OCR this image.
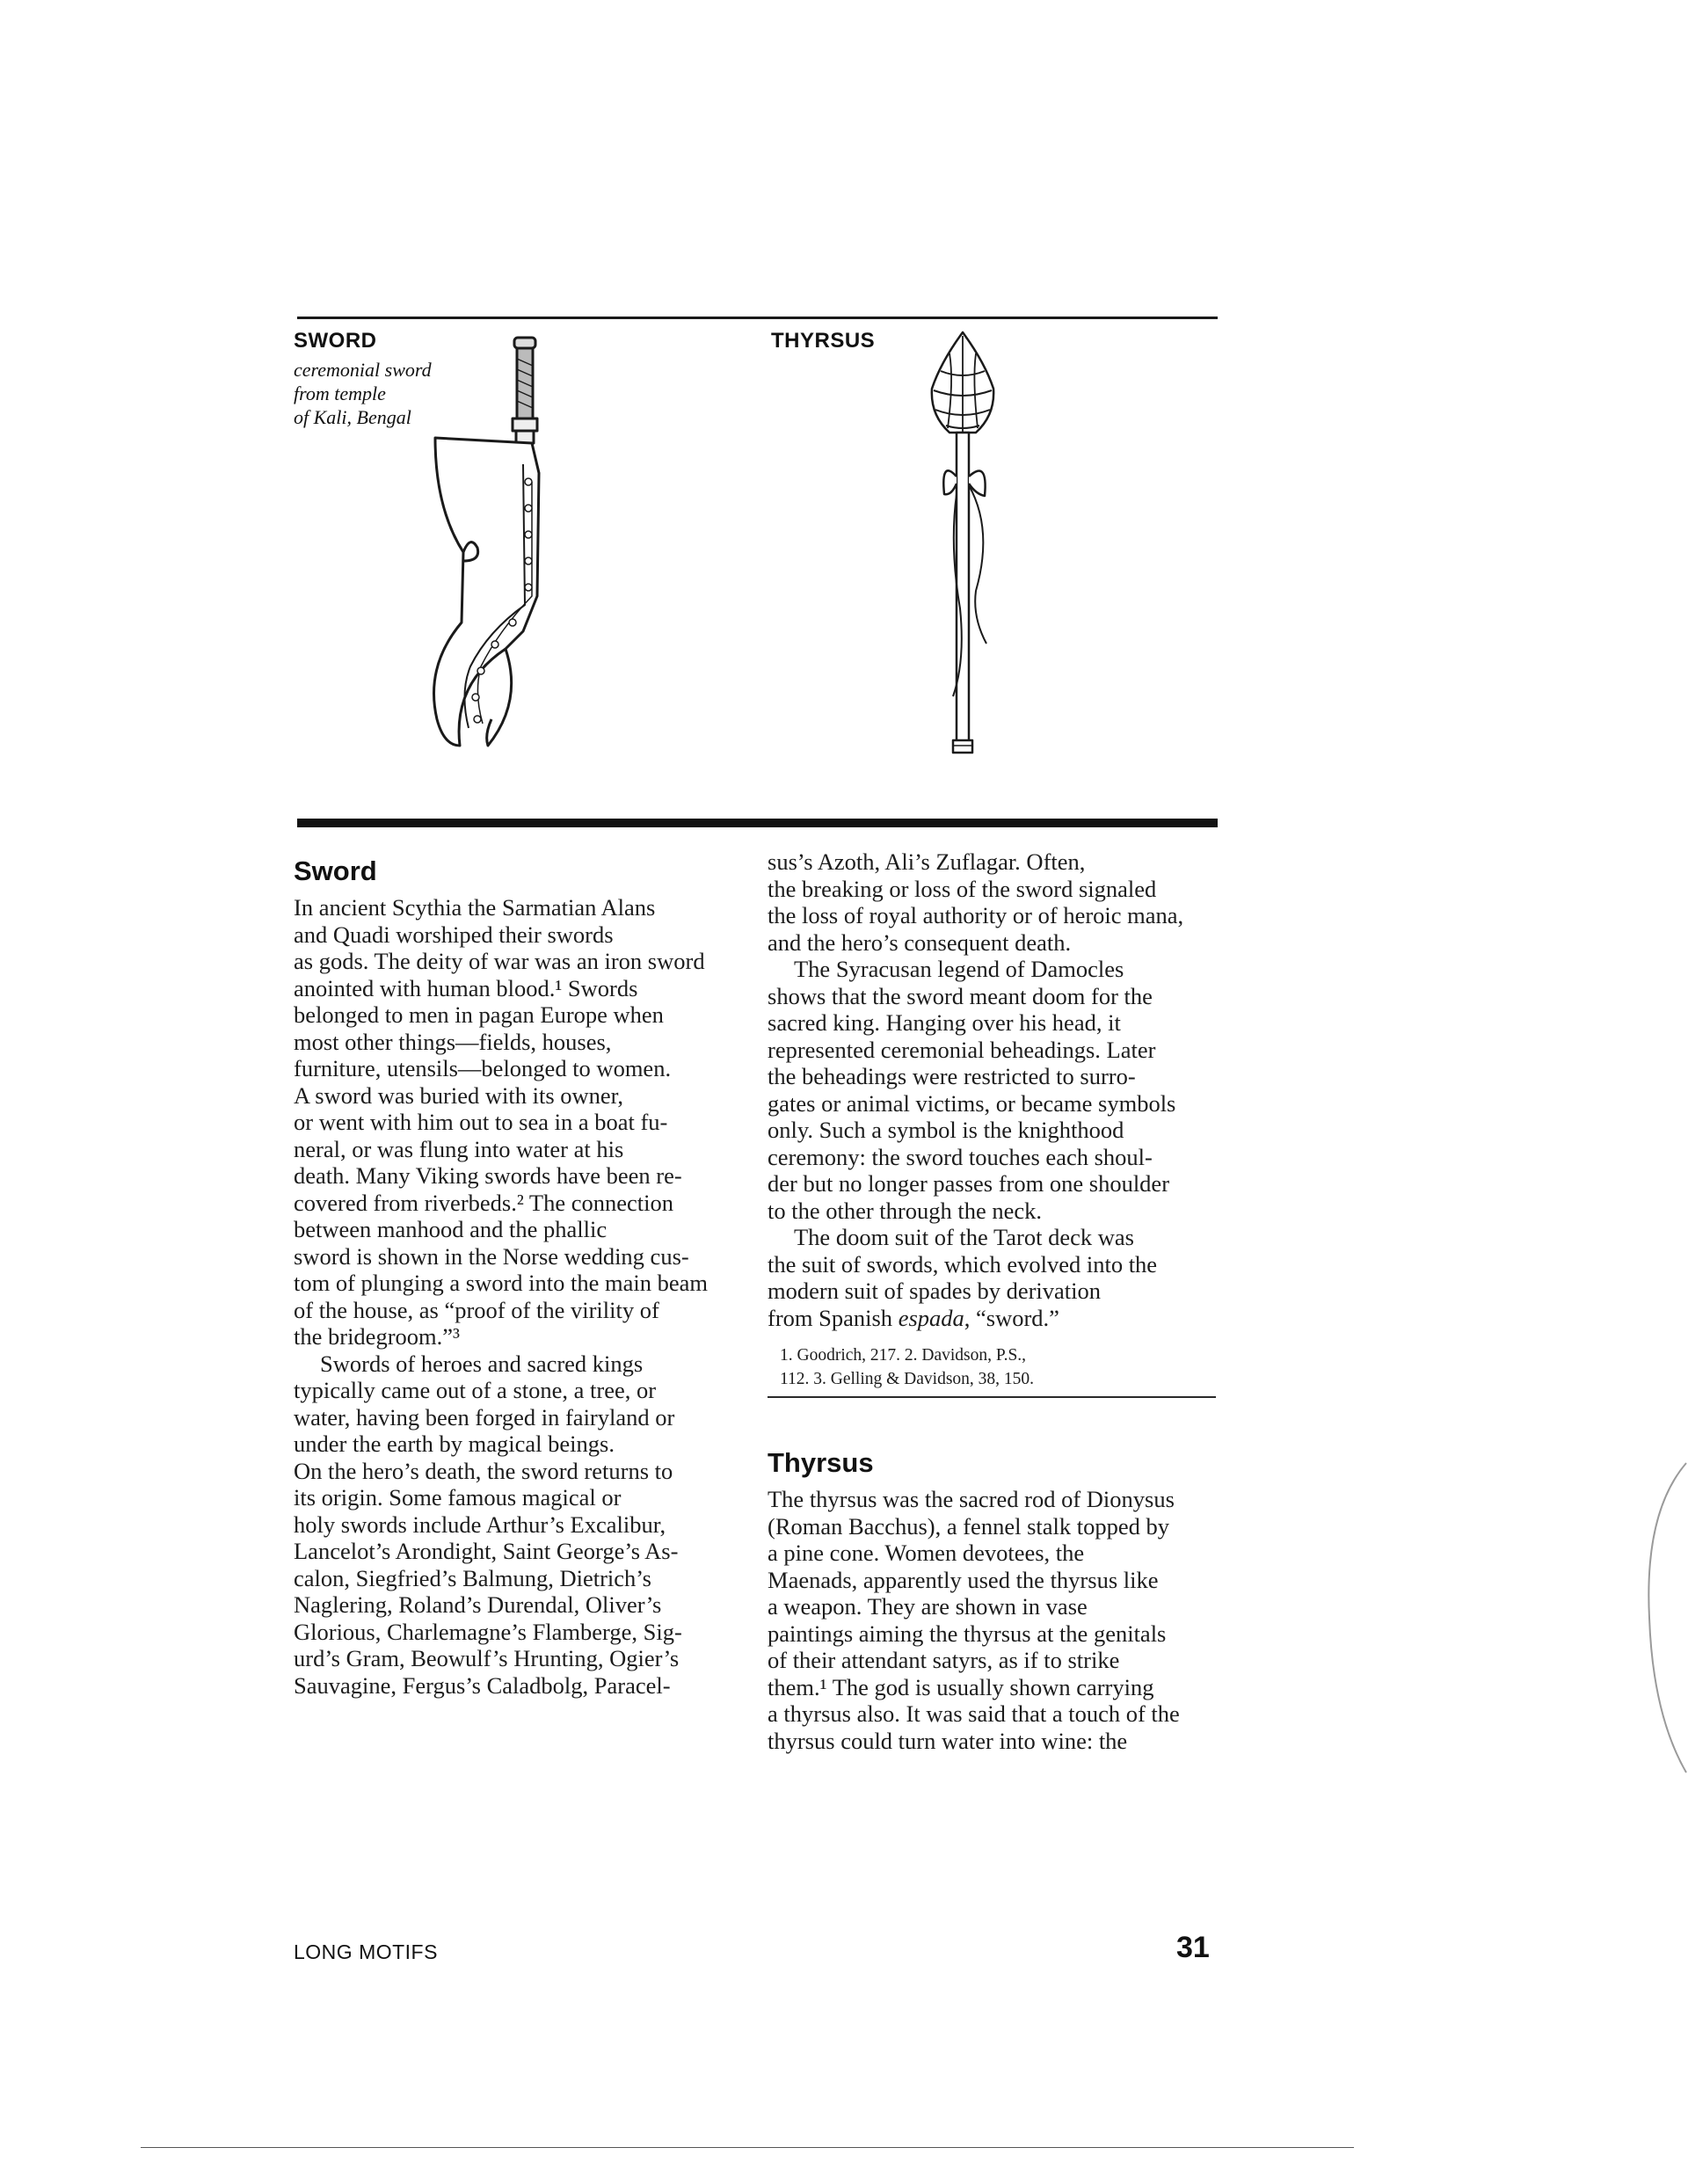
SWORD
ceremonial sword
from temple
of Kali, Bengal
THYRSUS
Sword
In ancient Scythia the Sarmatian Alans
and Quadi worshiped their swords
as gods. The deity of war was an iron sword
anointed with human blood.¹ Swords
belonged to men in pagan Europe when
most other things—fields, houses,
furniture, utensils—belonged to women.
A sword was buried with its owner,
or went with him out to sea in a boat fu-
neral, or was flung into water at his
death. Many Viking swords have been re-
covered from riverbeds.² The connection
between manhood and the phallic
sword is shown in the Norse wedding cus-
tom of plunging a sword into the main beam
of the house, as “proof of the virility of
the bridegroom.”³
Swords of heroes and sacred kings
typically came out of a stone, a tree, or
water, having been forged in fairyland or
under the earth by magical beings.
On the hero’s death, the sword returns to
its origin. Some famous magical or
holy swords include Arthur’s Excalibur,
Lancelot’s Arondight, Saint George’s As-
calon, Siegfried’s Balmung, Dietrich’s
Naglering, Roland’s Durendal, Oliver’s
Glorious, Charlemagne’s Flamberge, Sig-
urd’s Gram, Beowulf’s Hrunting, Ogier’s
Sauvagine, Fergus’s Caladbolg, Paracel-
sus’s Azoth, Ali’s Zuflagar. Often,
the breaking or loss of the sword signaled
the loss of royal authority or of heroic mana,
and the hero’s consequent death.
The Syracusan legend of Damocles
shows that the sword meant doom for the
sacred king. Hanging over his head, it
represented ceremonial beheadings. Later
the beheadings were restricted to surro-
gates or animal victims, or became symbols
only. Such a symbol is the knighthood
ceremony: the sword touches each shoul-
der but no longer passes from one shoulder
to the other through the neck.
The doom suit of the Tarot deck was
the suit of swords, which evolved into the
modern suit of spades by derivation
from Spanish espada, “sword.”
1. Goodrich, 217. 2. Davidson, P.S.,
112. 3. Gelling & Davidson, 38, 150.
Thyrsus
The thyrsus was the sacred rod of Dionysus
(Roman Bacchus), a fennel stalk topped by
a pine cone. Women devotees, the
Maenads, apparently used the thyrsus like
a weapon. They are shown in vase
paintings aiming the thyrsus at the genitals
of their attendant satyrs, as if to strike
them.¹ The god is usually shown carrying
a thyrsus also. It was said that a touch of the
thyrsus could turn water into wine: the
LONG MOTIFS	31
